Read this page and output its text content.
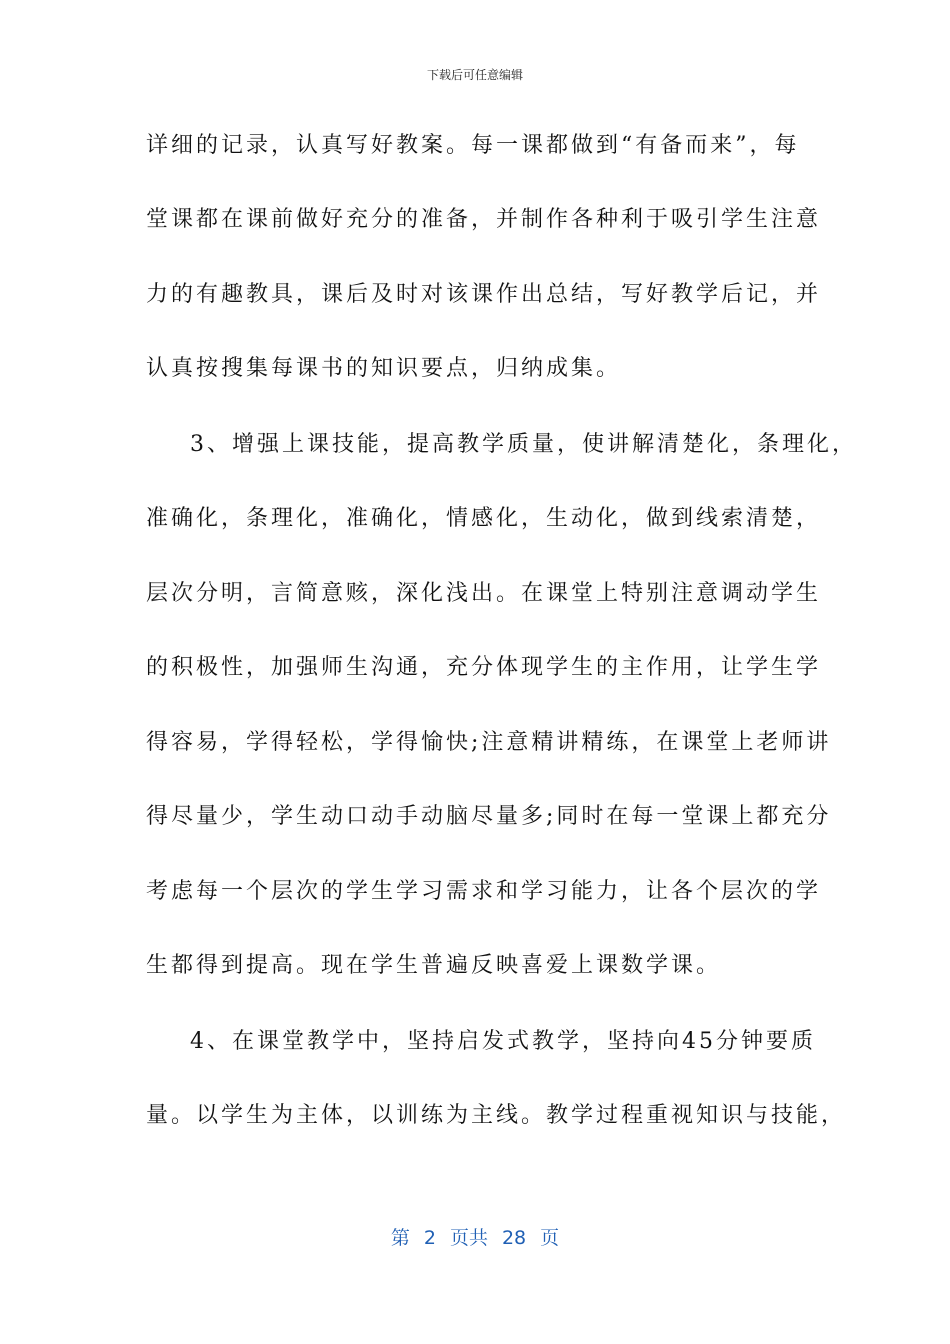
下载后可任意编辑
详细的记录，认真写好教案。每一课都做到“有备而来”，每
堂课都在课前做好充分的准备，并制作各种利于吸引学生注意
力的有趣教具，课后及时对该课作出总结，写好教学后记，并
认真按搜集每课书的知识要点，归纳成集。
3、增强上课技能，提高教学质量，使讲解清楚化，条理化，
准确化，条理化，准确化，情感化，生动化，做到线索清楚，
层次分明，言简意赅，深化浅出。在课堂上特别注意调动学生
的积极性，加强师生沟通，充分体现学生的主作用，让学生学
得容易，学得轻松，学得愉快;注意精讲精练，在课堂上老师讲
得尽量少，学生动口动手动脑尽量多;同时在每一堂课上都充分
考虑每一个层次的学生学习需求和学习能力，让各个层次的学
生都得到提高。现在学生普遍反映喜爱上课数学课。
4、在课堂教学中，坚持启发式教学，坚持向45分钟要质
量。以学生为主体，以训练为主线。教学过程重视知识与技能，
第 2 页共 28 页
